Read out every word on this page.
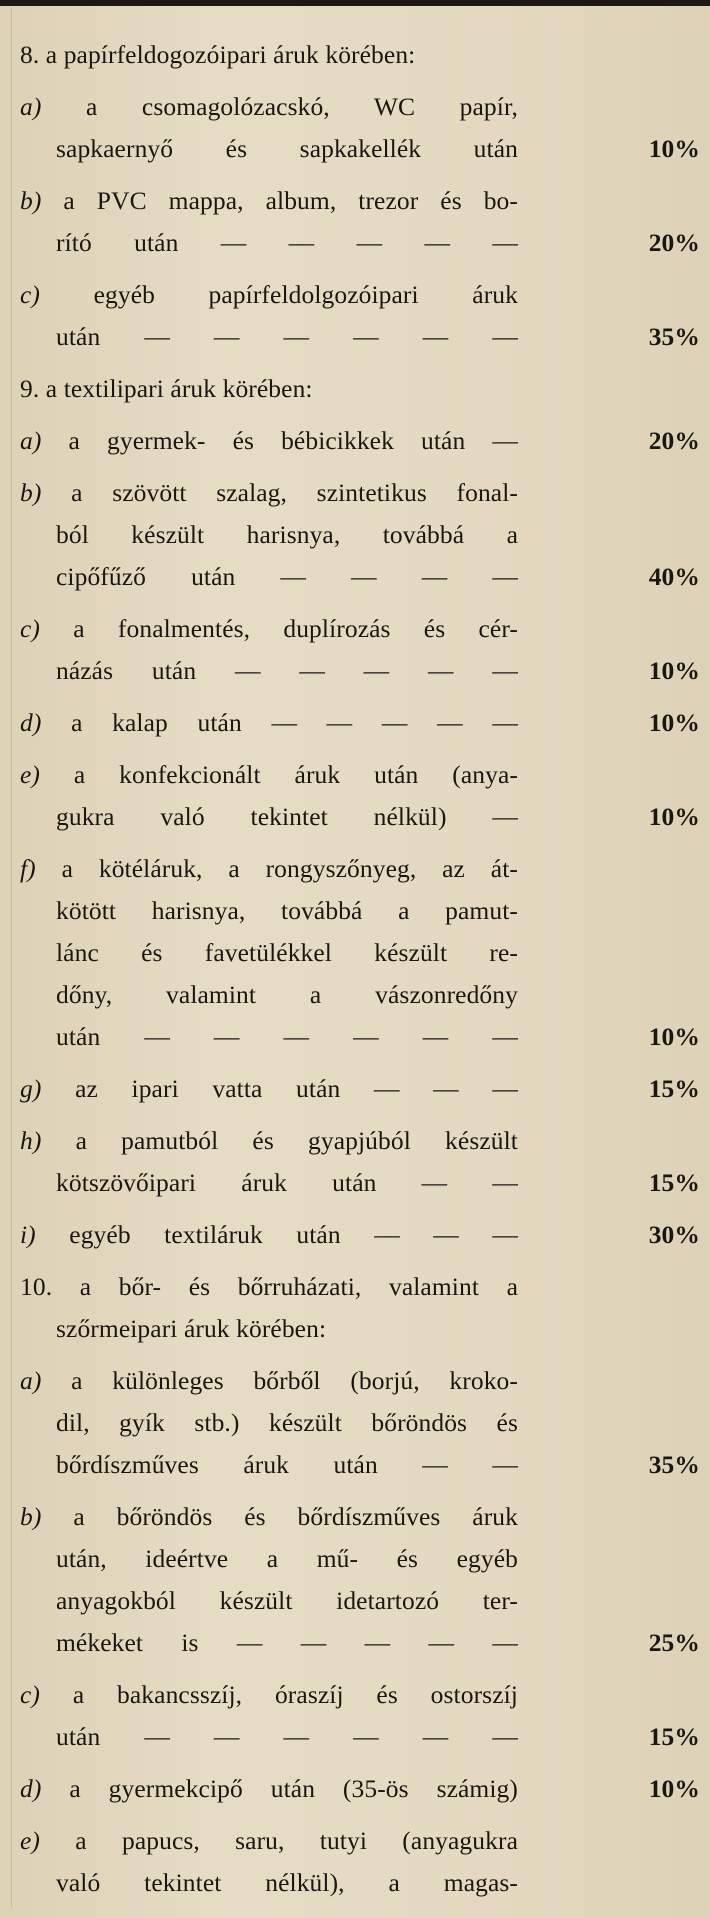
8. a papírfeldogozóipari áruk körében:
a) a csomagolózacskó, WC papír,
sapkaernyő és sapkakellék után	10%
b) a PVC mappa, album, trezor és bo-
rító után — — — — —	20%
c) egyéb papírfeldolgozóipari áruk
után — — — — — —	35%
9. a textilipari áruk körében:
a) a gyermek- és bébicikkek után —	20%
b) a szövött szalag, szintetikus fonal-
ból készült harisnya, továbbá a
cipőfűző után — — — —	40%
c) a fonalmentés, duplírozás és cér-
názás után — — — — —	10%
d) a kalap után — — — — —	10%
e) a konfekcionált áruk után (anya-
gukra való tekintet nélkül) —	10%
f) a kötéláruk, a rongyszőnyeg, az át-
kötött harisnya, továbbá a pamut-
lánc és favetülékkel készült re-
dőny, valamint a vászonredőny
után — — — — — —	10%
g) az ipari vatta után — — —	15%
h) a pamutból és gyapjúból készült
kötszövőipari áruk után — —	15%
i) egyéb textiláruk után — — —	30%
10. a bőr- és bőrruházati, valamint a
szőrmeipari áruk körében:
a) a különleges bőrből (borjú, kroko-
dil, gyík stb.) készült bőröndös és
bőrdíszműves áruk után — —	35%
b) a bőröndös és bőrdíszműves áruk
után, ideértve a mű- és egyéb
anyagokból készült idetartozó ter-
mékeket is — — — — —	25%
c) a bakancsszíj, óraszíj és ostorszíj
után — — — — — —	15%
d) a gyermekcipő után (35-ös számig)	10%
e) a papucs, saru, tutyi (anyagukra
való tekintet nélkül), a magas-
